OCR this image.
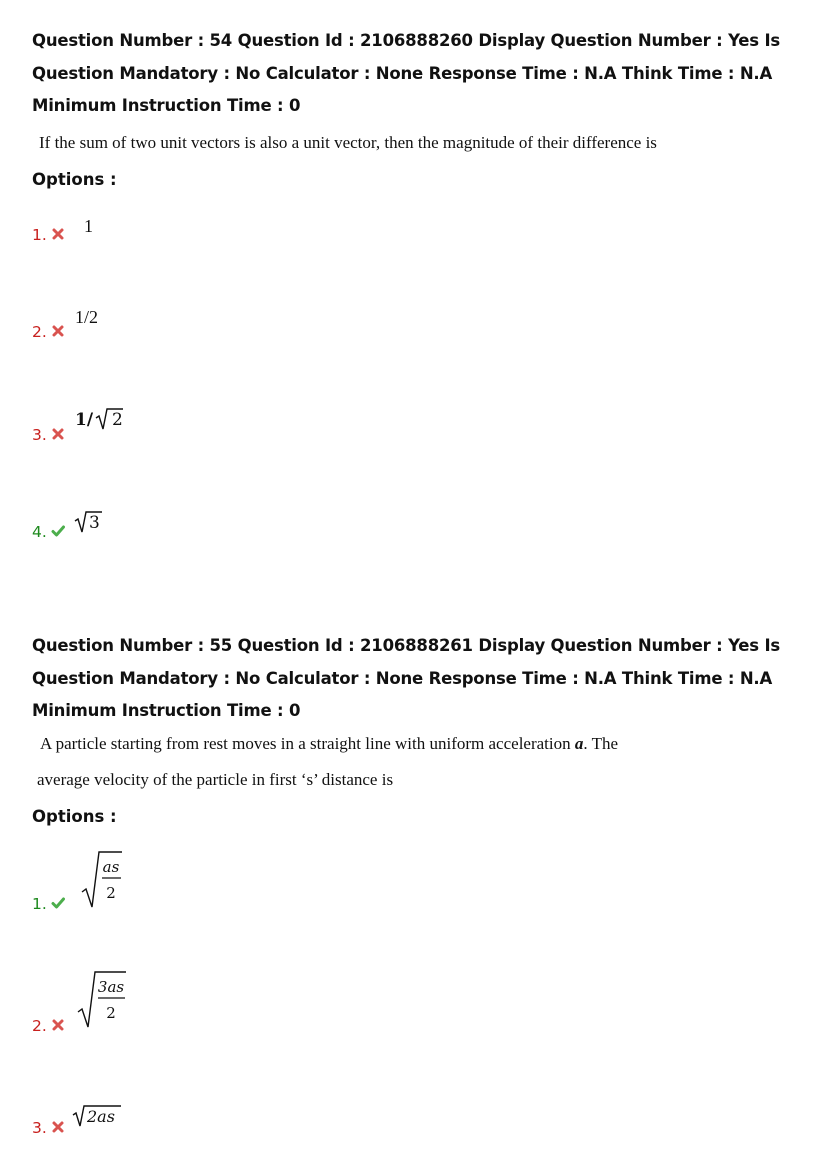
Question Number : 54 Question Id : 2106888260 Display Question Number : Yes Is Question Mandatory : No Calculator : None Response Time : N.A Think Time : N.A Minimum Instruction Time : 0
If the sum of two unit vectors is also a unit vector, then the magnitude of their difference is
Options :
1. 1
2.
1/2
3.
1/ 2
4. 3
Question Number : 55 Question Id : 2106888261 Display Question Number : Yes Is Question Mandatory : No Calculator : None Response Time : N.A Think Time : N.A Minimum Instruction Time : 0
A particle starting from rest moves in a straight line with uniform acceleration a. The
average velocity of the particle in first ‘s’ distance is
Options :
1.
as
2
2.
3as
2
3.
2as
